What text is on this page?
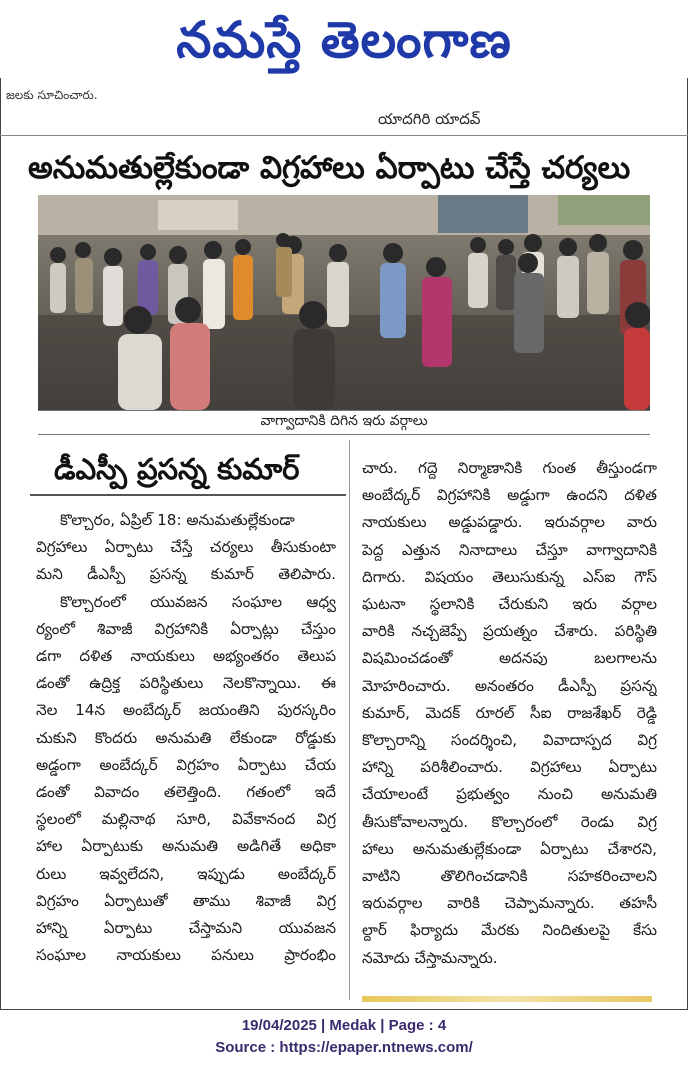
నమస్తే తెలంగాణ
జలకు సూచించారు.
యాదగిరి యాదవ్
అనుమతుల్లేకుండా విగ్రహాలు ఏర్పాటు చేస్తే చర్యలు
వాగ్వాదానికి దిగిన ఇరు వర్గాలు
డీఎస్పీ ప్రసన్న కుమార్
కొల్చారం, ఏప్రిల్ 18: అనుమతుల్లేకుండా
విగ్రహాలు ఏర్పాటు చేస్తే చర్యలు తీసుకుంటా
మని డీఎస్పీ ప్రసన్న కుమార్ తెలిపారు.
కొల్చారంలో యువజన సంఘాల ఆధ్వ
ర్యంలో శివాజీ విగ్రహానికి ఏర్పాట్లు చేస్తుం
డగా దళిత నాయకులు అభ్యంతరం తెలుప
డంతో ఉద్రిక్త పరిస్థితులు నెలకొన్నాయి. ఈ
నెల 14న అంబేద్కర్ జయంతిని పురస్కరిం
చుకుని కొందరు అనుమతి లేకుండా రోడ్డుకు
అడ్డంగా అంబేద్కర్ విగ్రహం ఏర్పాటు చేయ
డంతో వివాదం తలెత్తింది. గతంలో ఇదే
స్థలంలో మల్లినాథ సూరి, వివేకానంద విగ్ర
హాల ఏర్పాటుకు అనుమతి అడిగితే అధికా
రులు ఇవ్వలేదని, ఇప్పుడు అంబేద్కర్
విగ్రహం ఏర్పాటుతో తాము శివాజీ విగ్ర
హాన్ని ఏర్పాటు చేస్తామని యువజన
సంఘాల నాయకులు పనులు ప్రారంభిం
చారు. గద్దె నిర్మాణానికి గుంత తీస్తుండగా
అంబేద్కర్ విగ్రహానికి అడ్డుగా ఉందని దళిత
నాయకులు అడ్డుపడ్డారు. ఇరువర్గాల వారు
పెద్ద ఎత్తున నినాదాలు చేస్తూ వాగ్వాదానికి
దిగారు. విషయం తెలుసుకున్న ఎస్ఐ గౌస్
ఘటనా స్థలానికి చేరుకుని ఇరు వర్గాల
వారికి నచ్చజెప్పే ప్రయత్నం చేశారు. పరిస్థితి
విషమించడంతో అదనపు బలగాలను
మోహరించారు. అనంతరం డీఎస్పీ ప్రసన్న
కుమార్, మెదక్ రూరల్ సీఐ రాజశేఖర్ రెడ్డి
కొల్చారాన్ని సందర్శించి, వివాదాస్పద విగ్ర
హాన్ని పరిశీలించారు. విగ్రహాలు ఏర్పాటు
చేయాలంటే ప్రభుత్వం నుంచి అనుమతి
తీసుకోవాలన్నారు. కొల్చారంలో రెండు విగ్ర
హాలు అనుమతుల్లేకుండా ఏర్పాటు చేశారని,
వాటిని తొలిగించడానికి సహకరించాలని
ఇరువర్గాల వారికి చెప్పామన్నారు. తహసీ
ల్దార్ ఫిర్యాదు మేరకు నిందితులపై కేసు
నమోదు చేస్తామన్నారు.
19/04/2025 | Medak | Page : 4
Source : https://epaper.ntnews.com/
